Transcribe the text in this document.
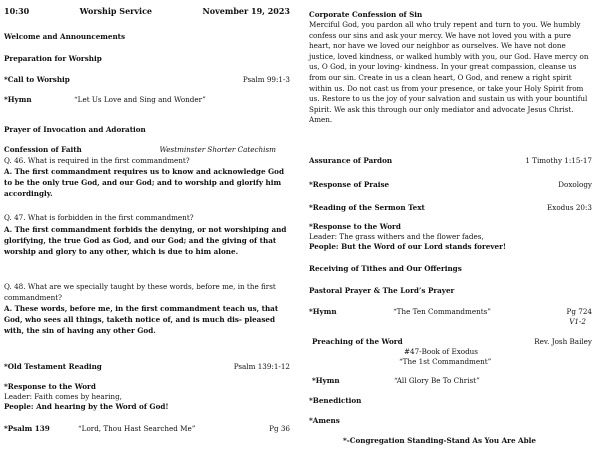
10:30	Worship Service	November 19, 2023
Welcome and Announcements
Preparation for Worship
*Call to Worship	Psalm 99:1-3
*Hymn	“Let Us Love and Sing and Wonder”
Prayer of Invocation and Adoration
Confession of Faith	Westminster Shorter Catechism
Q. 46. What is required in the first commandment?
A. The first commandment requires us to know and acknowledge God to be the only true God, and our God; and to worship and glorify him accordingly.
Q. 47. What is forbidden in the first commandment?
A. The first commandment forbids the denying, or not worshiping and glorifying, the true God as God, and our God; and the giving of that worship and glory to any other, which is due to him alone.
Q. 48. What are we specially taught by these words, before me, in the first commandment?
A. These words, before me, in the first commandment teach us, that God, who sees all things, taketh notice of, and is much dis- pleased with, the sin of having any other God.
*Old Testament Reading	Psalm 139:1-12
*Response to the Word
Leader: Faith comes by hearing,
People: And hearing by the Word of God!
*Psalm 139	“Lord, Thou Hast Searched Me”	Pg 36
Corporate Confession of Sin
Merciful God, you pardon all who truly repent and turn to you. We humbly confess our sins and ask your mercy. We have not loved you with a pure heart, nor have we loved our neighbor as ourselves. We have not done justice, loved kindness, or walked humbly with you, our God. Have mercy on us, O God, in your loving- kindness. In your great compassion, cleanse us from our sin. Create in us a clean heart, O God, and renew a right spirit within us. Do not cast us from your presence, or take your Holy Spirit from us. Restore to us the joy of your salvation and sustain us with your bountiful Spirit. We ask this through our only mediator and advocate Jesus Christ. Amen.
Assurance of Pardon	1 Timothy 1:15-17
*Response of Praise	Doxology
*Reading of the Sermon Text	Exodus 20:3
*Response to the Word
Leader: The grass withers and the flower fades,
People: But the Word of our Lord stands forever!
Receiving of Tithes and Our Offerings
Pastoral Prayer & The Lord’s Prayer
*Hymn	“The Ten Commandments”	Pg 724
V1-2
Preaching of the Word	Rev. Josh Bailey
#47-Book of Exodus
“The 1st Commandment”
*Hymn	“All Glory Be To Christ”
*Benediction
*Amens
*-Congregation Standing-Stand As You Are Able
